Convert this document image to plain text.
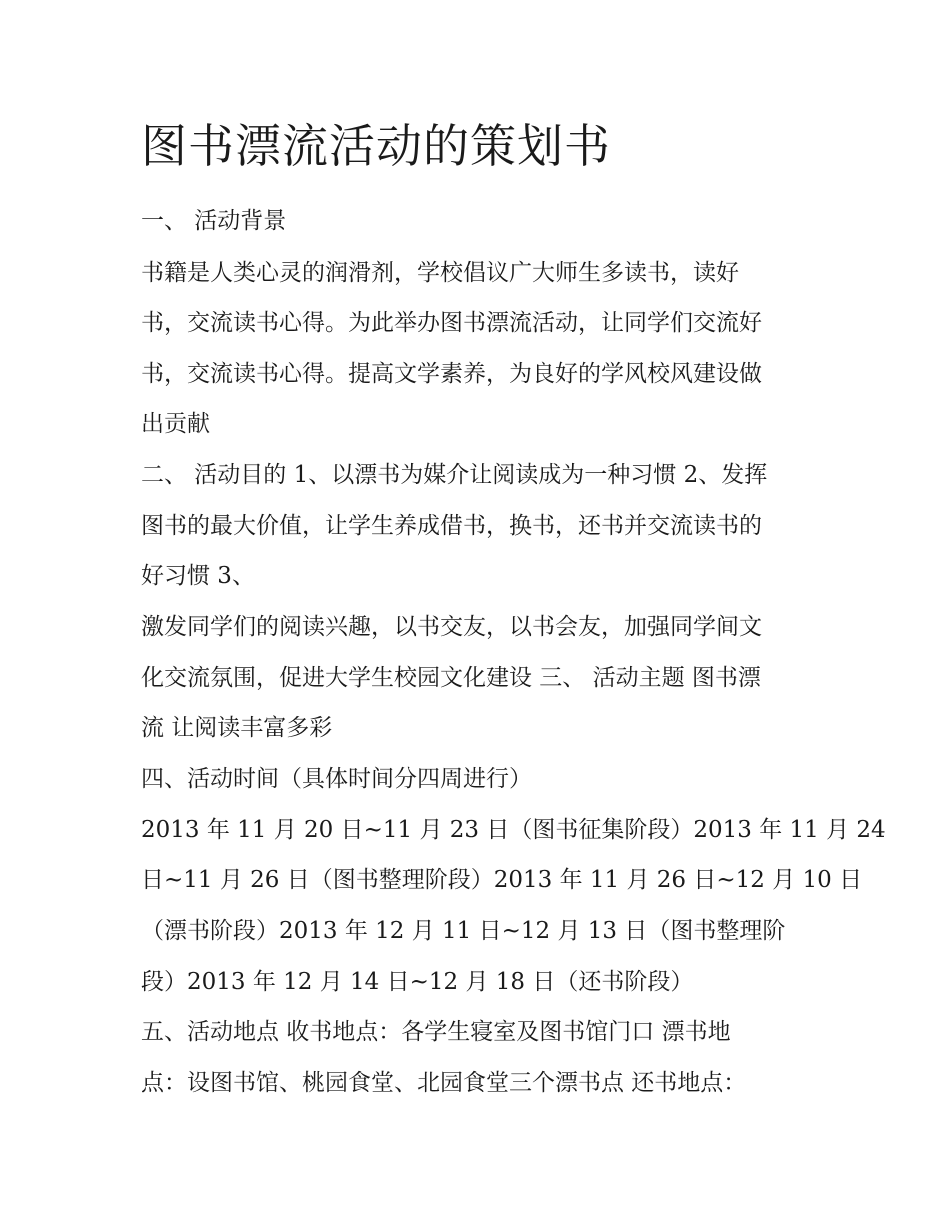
图书漂流活动的策划书
一、 活动背景
书籍是人类心灵的润滑剂，学校倡议广大师生多读书，读好
书，交流读书心得。为此举办图书漂流活动，让同学们交流好
书，交流读书心得。提高文学素养，为良好的学风校风建设做
出贡献
二、 活动目的 1、以漂书为媒介让阅读成为一种习惯 2、发挥
图书的最大价值，让学生养成借书，换书，还书并交流读书的
好习惯 3、
激发同学们的阅读兴趣，以书交友，以书会友，加强同学间文
化交流氛围，促进大学生校园文化建设 三、 活动主题 图书漂
流 让阅读丰富多彩
四、活动时间（具体时间分四周进行）
2013 年 11 月 20 日~11 月 23 日（图书征集阶段）2013 年 11 月 24
日~11 月 26 日（图书整理阶段）2013 年 11 月 26 日~12 月 10 日
（漂书阶段）2013 年 12 月 11 日~12 月 13 日（图书整理阶
段）2013 年 12 月 14 日~12 月 18 日（还书阶段）
五、活动地点 收书地点：各学生寝室及图书馆门口 漂书地
点：设图书馆、桃园食堂、北园食堂三个漂书点 还书地点：
